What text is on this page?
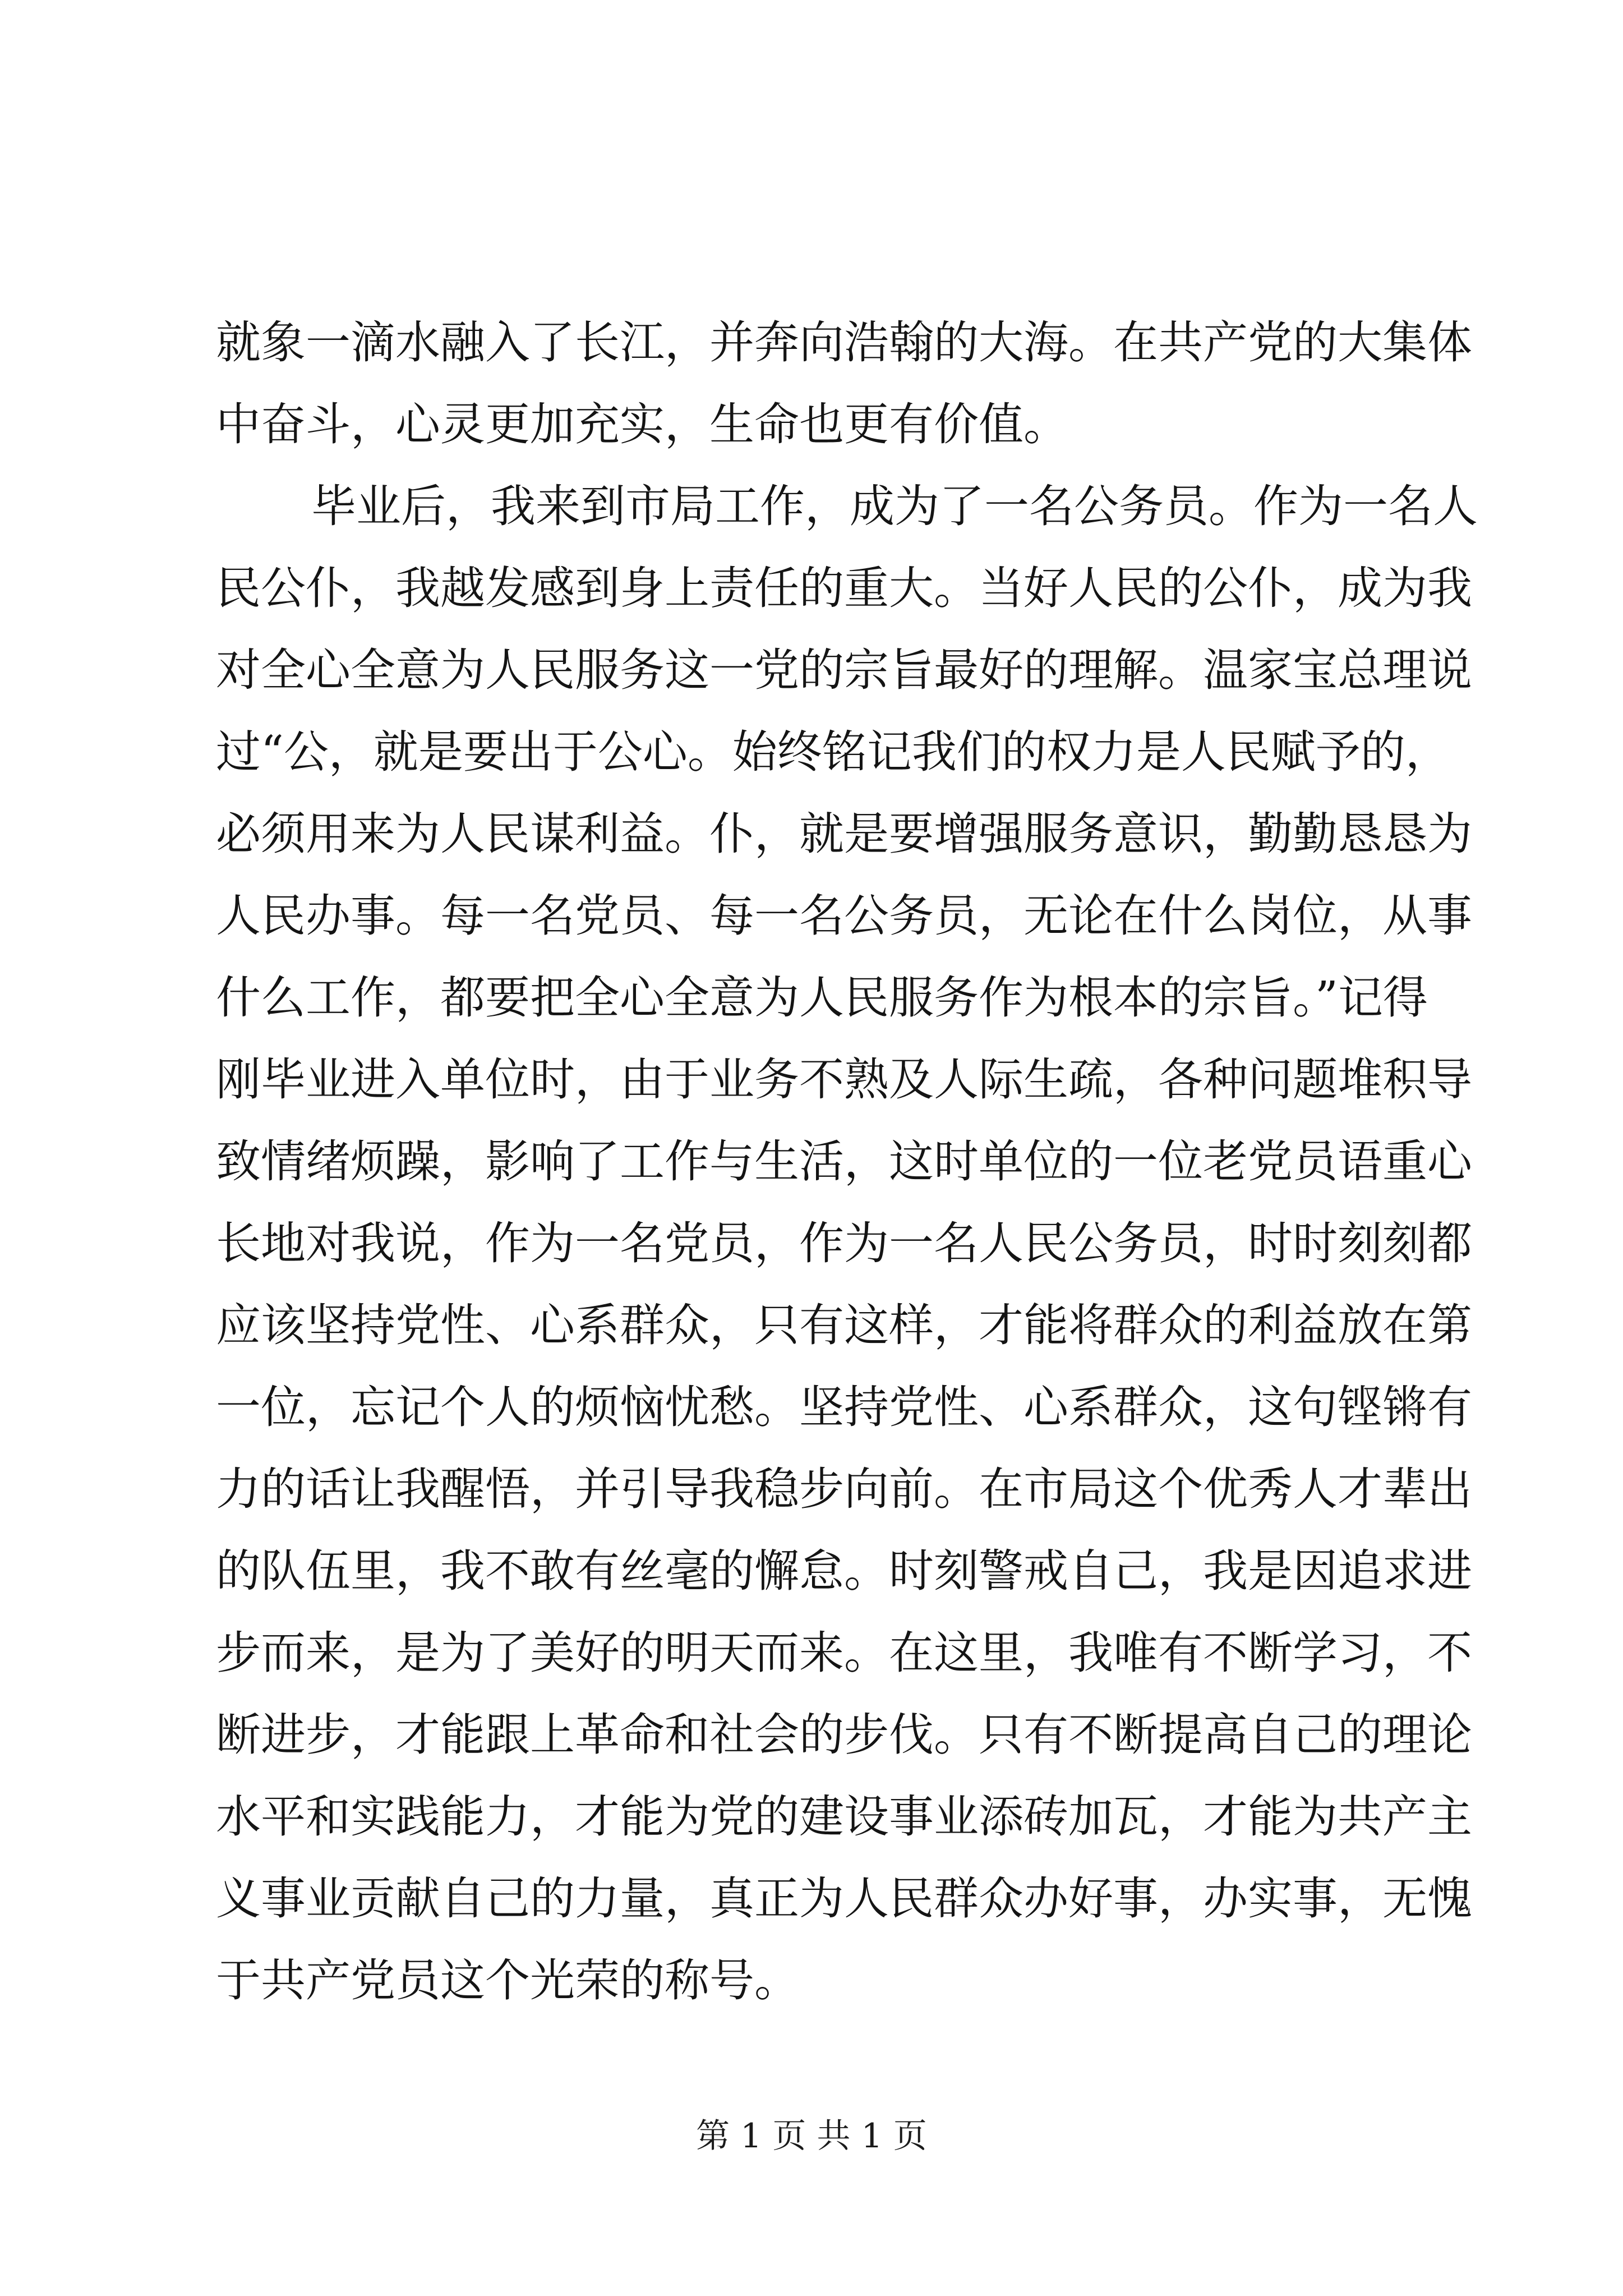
就象一滴水融入了长江，并奔向浩翰的大海。在共产党的大集体
中奋斗，心灵更加充实，生命也更有价值。
毕业后，我来到市局工作，成为了一名公务员。作为一名人
民公仆，我越发感到身上责任的重大。当好人民的公仆，成为我
对全心全意为人民服务这一党的宗旨最好的理解。温家宝总理说
过“公，就是要出于公心。始终铭记我们的权力是人民赋予的，
必须用来为人民谋利益。仆，就是要增强服务意识，勤勤恳恳为
人民办事。每一名党员、每一名公务员，无论在什么岗位，从事
什么工作，都要把全心全意为人民服务作为根本的宗旨。”记得
刚毕业进入单位时，由于业务不熟及人际生疏，各种问题堆积导
致情绪烦躁，影响了工作与生活，这时单位的一位老党员语重心
长地对我说，作为一名党员，作为一名人民公务员，时时刻刻都
应该坚持党性、心系群众，只有这样，才能将群众的利益放在第
一位，忘记个人的烦恼忧愁。坚持党性、心系群众，这句铿锵有
力的话让我醒悟，并引导我稳步向前。在市局这个优秀人才辈出
的队伍里，我不敢有丝毫的懈怠。时刻警戒自己，我是因追求进
步而来，是为了美好的明天而来。在这里，我唯有不断学习，不
断进步，才能跟上革命和社会的步伐。只有不断提高自己的理论
水平和实践能力，才能为党的建设事业添砖加瓦，才能为共产主
义事业贡献自己的力量，真正为人民群众办好事，办实事，无愧
于共产党员这个光荣的称号。
第 1 页 共 1 页
